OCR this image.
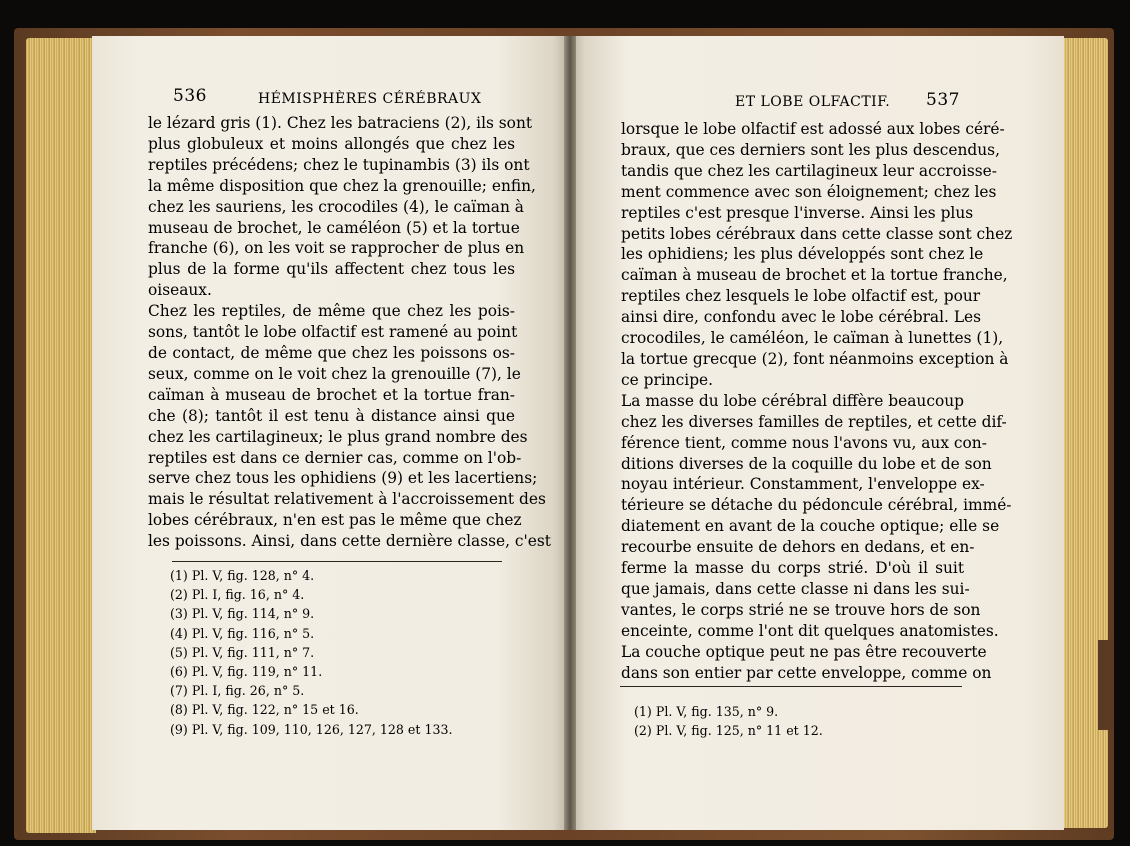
536	HÉMISPHÈRES CÉRÉBRAUX
le lézard gris (1). Chez les batraciens (2), ils sont
plus globuleux et moins allongés que chez les
reptiles précédens; chez le tupinambis (3) ils ont
la même disposition que chez la grenouille; enfin,
chez les sauriens, les crocodiles (4), le caïman à
museau de brochet, le caméléon (5) et la tortue
franche (6), on les voit se rapprocher de plus en
plus de la forme qu'ils affectent chez tous les
oiseaux.
Chez les reptiles, de même que chez les pois-
sons, tantôt le lobe olfactif est ramené au point
de contact, de même que chez les poissons os-
seux, comme on le voit chez la grenouille (7), le
caïman à museau de brochet et la tortue fran-
che (8); tantôt il est tenu à distance ainsi que
chez les cartilagineux; le plus grand nombre des
reptiles est dans ce dernier cas, comme on l'ob-
serve chez tous les ophidiens (9) et les lacertiens;
mais le résultat relativement à l'accroissement des
lobes cérébraux, n'en est pas le même que chez
les poissons. Ainsi, dans cette dernière classe, c'est
(1) Pl. V, fig. 128, n° 4.
(2) Pl. I, fig. 16, n° 4.
(3) Pl. V, fig. 114, n° 9.
(4) Pl. V, fig. 116, n° 5.
(5) Pl. V, fig. 111, n° 7.
(6) Pl. V, fig. 119, n° 11.
(7) Pl. I, fig. 26, n° 5.
(8) Pl. V, fig. 122, n° 15 et 16.
(9) Pl. V, fig. 109, 110, 126, 127, 128 et 133.
ET LOBE OLFACTIF. 537
lorsque le lobe olfactif est adossé aux lobes céré-
braux, que ces derniers sont les plus descendus,
tandis que chez les cartilagineux leur accroisse-
ment commence avec son éloignement; chez les
reptiles c'est presque l'inverse. Ainsi les plus
petits lobes cérébraux dans cette classe sont chez
les ophidiens; les plus développés sont chez le
caïman à museau de brochet et la tortue franche,
reptiles chez lesquels le lobe olfactif est, pour
ainsi dire, confondu avec le lobe cérébral. Les
crocodiles, le caméléon, le caïman à lunettes (1),
la tortue grecque (2), font néanmoins exception à
ce principe.
La masse du lobe cérébral diffère beaucoup
chez les diverses familles de reptiles, et cette dif-
férence tient, comme nous l'avons vu, aux con-
ditions diverses de la coquille du lobe et de son
noyau intérieur. Constamment, l'enveloppe ex-
térieure se détache du pédoncule cérébral, immé-
diatement en avant de la couche optique; elle se
recourbe ensuite de dehors en dedans, et en-
ferme la masse du corps strié. D'où il suit
que jamais, dans cette classe ni dans les sui-
vantes, le corps strié ne se trouve hors de son
enceinte, comme l'ont dit quelques anatomistes.
La couche optique peut ne pas être recouverte
dans son entier par cette enveloppe, comme on
(1) Pl. V, fig. 135, n° 9.
(2) Pl. V, fig. 125, n° 11 et 12.
